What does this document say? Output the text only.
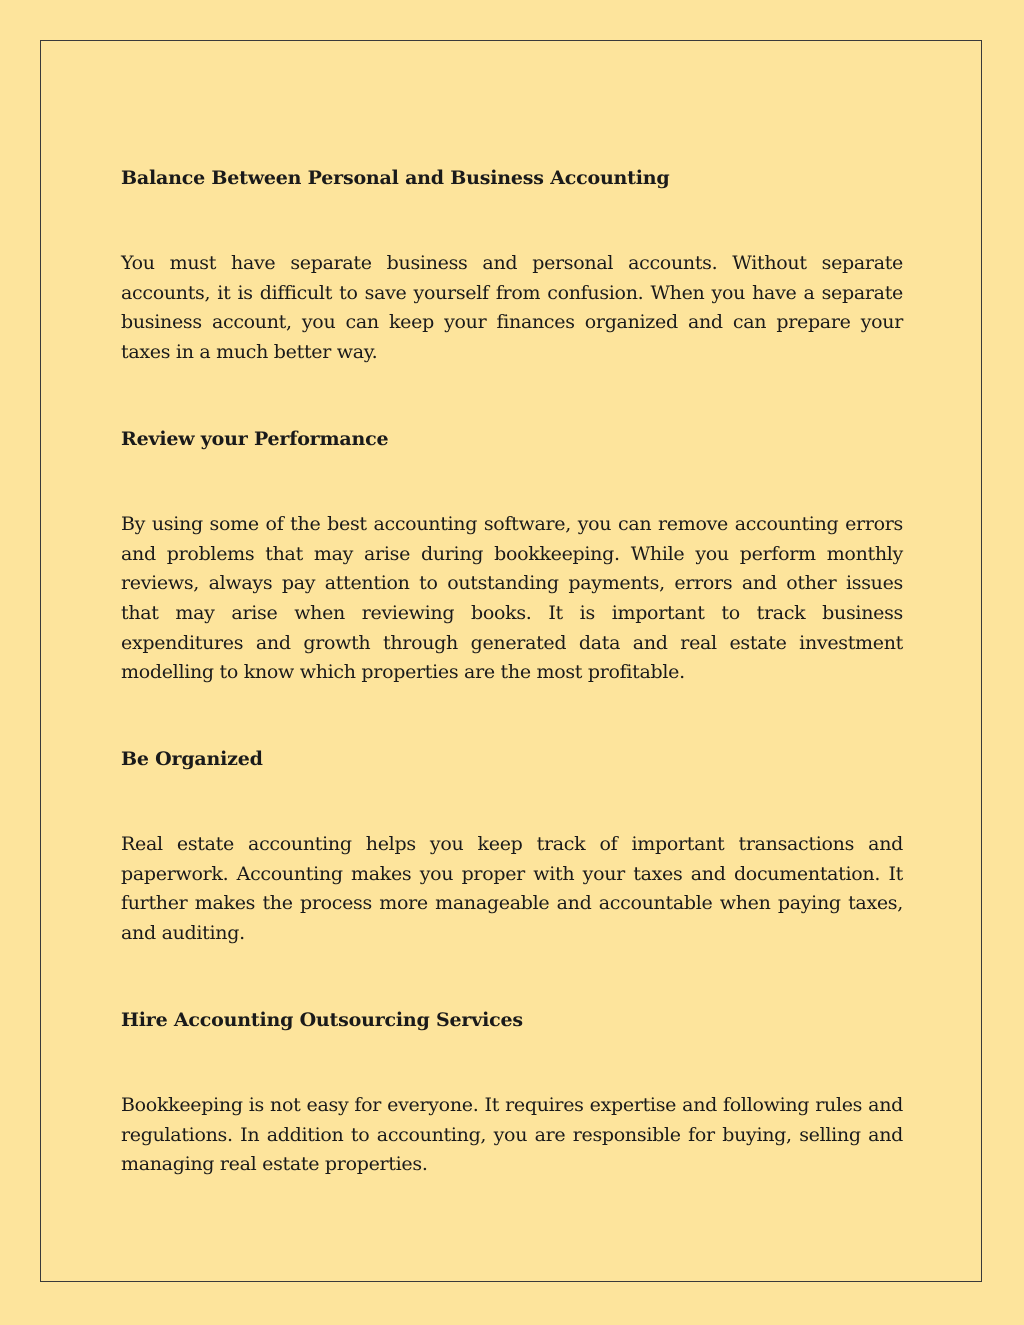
Balance Between Personal and Business Accounting

You must have separate business and personal accounts. Without separate accounts, it is difficult to save yourself from confusion. When you have a separate business account, you can keep your finances organized and can prepare your taxes in a much better way.

Review your Performance

By using some of the best accounting software, you can remove accounting errors and problems that may arise during bookkeeping. While you perform monthly reviews, always pay attention to outstanding payments, errors and other issues that may arise when reviewing books. It is important to track business expenditures and growth through generated data and real estate investment modelling to know which properties are the most profitable.

Be Organized

Real estate accounting helps you keep track of important transactions and paperwork. Accounting makes you proper with your taxes and documentation. It further makes the process more manageable and accountable when paying taxes, and auditing.

Hire Accounting Outsourcing Services

Bookkeeping is not easy for everyone. It requires expertise and following rules and regulations. In addition to accounting, you are responsible for buying, selling and managing real estate properties.
